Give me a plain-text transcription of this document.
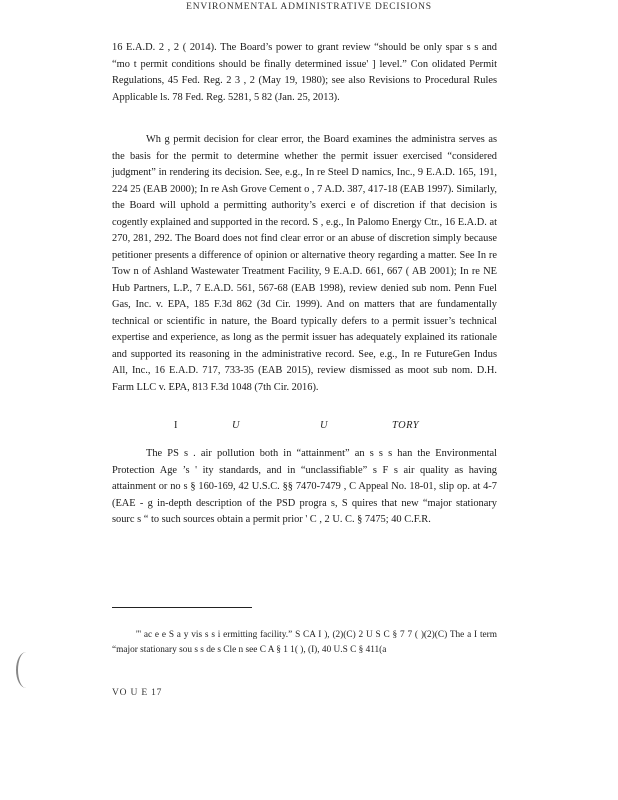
ENVIRONMENTAL ADMINISTRATIVE DECISIONS

16 E.A.D. 2 , 2 ( 2014). The Board’s power to grant review “should be only spar s s and “mo t permit conditions should be finally determined issue' ] level.” Con olidated Permit Regulations, 45 Fed. Reg. 2 3 , 2 (May 19, 1980); see also Revisions to Procedural Rules Applicable ls. 78 Fed. Reg. 5281, 5 82 (Jan. 25, 2013).

Wh g permit decision for clear error, the Board examines the administra serves as the basis for the permit to determine whether the permit issuer exercised “considered judgment” in rendering its decision. See, e.g., In re Steel D namics, Inc., 9 E.A.D. 165, 191, 224 25 (EAB 2000); In re Ash Grove Cement o , 7 A.D. 387, 417-18 (EAB 1997). Similarly, the Board will uphold a permitting authority’s exerci e of discretion if that decision is cogently explained and supported in the record. S , e.g., In Palomo Energy Ctr., 16 E.A.D. at 270, 281, 292. The Board does not find clear error or an abuse of discretion simply because petitioner presents a difference of opinion or alternative theory regarding a matter. See In re Tow n of Ashland Wastewater Treatment Facility, 9 E.A.D. 661, 667 ( AB 2001); In re NE Hub Partners, L.P., 7 E.A.D. 561, 567-68 (EAB 1998), review denied sub nom. Penn Fuel Gas, Inc. v. EPA, 185 F.3d 862 (3d Cir. 1999). And on matters that are fundamentally technical or scientific in nature, the Board typically defers to a permit issuer’s technical expertise and experience, as long as the permit issuer has adequately explained its rationale and supported its reasoning in the administrative record. See, e.g., In re FutureGen Indus All, Inc., 16 E.A.D. 717, 733-35 (EAB 2015), review dismissed as moot sub nom. D.H. Farm LLC v. EPA, 813 F.3d 1048 (7th Cir. 2016).

I	U	U	TORY

The PS s . air pollution both in “attainment” an s s s han the Environmental Protection Age ’s ' ity standards, and in “unclassifiable” s F s air quality as having attainment or no s § 160-169, 42 U.S.C. §§ 7470-7479 , C Appeal No. 18-01, slip op. at 4-7 (EAE - g in-depth description of the PSD progra s, S quires that new “major stationary sourc s “ to such sources obtain a permit prior ' C , 2 U. C. § 7475; 40 C.F.R.

''' ac e e S a y vis s s i ermitting facility.” S CA I ), (2)(C) 2 U S C § 7 7 ( )(2)(C) The a I term “major stationary sou s s de s Cle n see C A § 1 1( ), (I), 40 U.S C § 411(a

VO U E 17
